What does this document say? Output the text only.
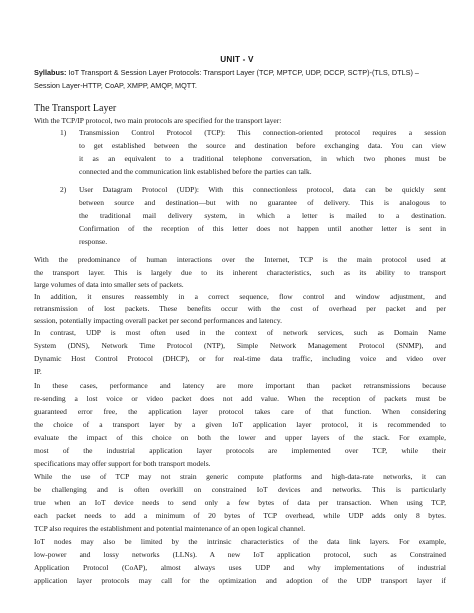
UNIT - V
Syllabus: IoT Transport & Session Layer Protocols: Transport Layer (TCP, MPTCP, UDP, DCCP, SCTP)-(TLS, DTLS) – Session Layer-HTTP, CoAP, XMPP, AMQP, MQTT.
The Transport Layer
With the TCP/IP protocol, two main protocols are specified for the transport layer:
1) Transmission Control Protocol (TCP): This connection-oriented protocol requires a session
to get established between the source and destination before exchanging data. You can view
it as an equivalent to a traditional telephone conversation, in which two phones must be
connected and the communication link established before the parties can talk.
2) User Datagram Protocol (UDP): With this connectionless protocol, data can be quickly sent
between source and destination—but with no guarantee of delivery. This is analogous to
the traditional mail delivery system, in which a letter is mailed to a destination.
Confirmation of the reception of this letter does not happen until another letter is sent in
response.
With the predominance of human interactions over the Internet, TCP is the main protocol used at
the transport layer. This is largely due to its inherent characteristics, such as its ability to transport
large volumes of data into smaller sets of packets.
In addition, it ensures reassembly in a correct sequence, flow control and window adjustment, and
retransmission of lost packets. These benefits occur with the cost of overhead per packet and per
session, potentially impacting overall packet per second performances and latency.
In contrast, UDP is most often used in the context of network services, such as Domain Name
System (DNS), Network Time Protocol (NTP), Simple Network Management Protocol (SNMP), and
Dynamic Host Control Protocol (DHCP), or for real-time data traffic, including voice and video over
IP.
In these cases, performance and latency are more important than packet retransmissions because
re-sending a lost voice or video packet does not add value. When the reception of packets must be
guaranteed error free, the application layer protocol takes care of that function. When considering
the choice of a transport layer by a given IoT application layer protocol, it is recommended to
evaluate the impact of this choice on both the lower and upper layers of the stack. For example,
most of the industrial application layer protocols are implemented over TCP, while their
specifications may offer support for both transport models.
While the use of TCP may not strain generic compute platforms and high-data-rate networks, it can
be challenging and is often overkill on constrained IoT devices and networks. This is particularly
true when an IoT device needs to send only a few bytes of data per transaction. When using TCP,
each packet needs to add a minimum of 20 bytes of TCP overhead, while UDP adds only 8 bytes.
TCP also requires the establishment and potential maintenance of an open logical channel.
IoT nodes may also be limited by the intrinsic characteristics of the data link layers. For example,
low-power and lossy networks (LLNs). A new IoT application protocol, such as Constrained
Application Protocol (CoAP), almost always uses UDP and why implementations of industrial
application layer protocols may call for the optimization and adoption of the UDP transport layer if
